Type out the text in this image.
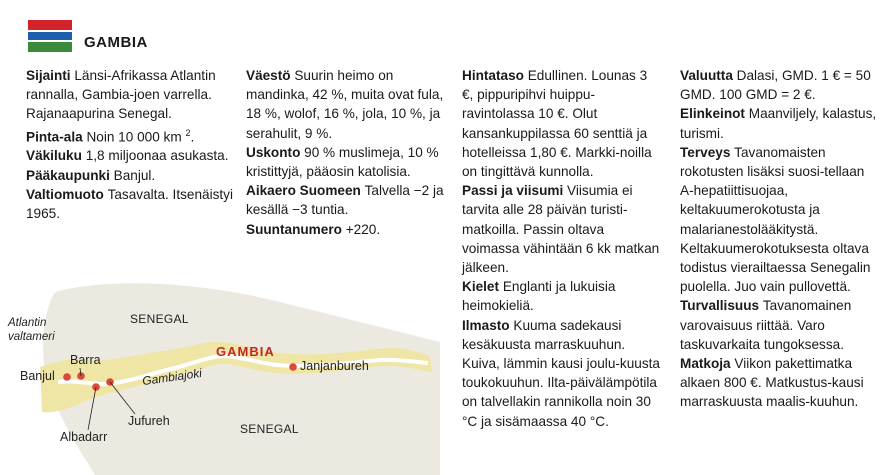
GAMBIA

Sijainti Länsi-Afrikassa Atlantin rannalla, Gambia-joen varrella. Rajanaapurina Senegal.

Pinta-ala Noin 10 000 km $^2$.

Väkiluku 1,8 miljoonaa asukasta.

Pääkaupunki Banjul.

Valtiomuoto Tasavalta. Itsenäistyi 1965.

Väestö Suurin heimo on mandinka, 42 %, muita ovat fula, 18 %, wolof, 16 %, jola, 10 %, ja serahulit, 9 %.

Uskonto 90 % muslimeja, 10 % kristittyjä, pääosin katolisia.

Aikaero Suomeen Talvella −2 ja kesällä −3 tuntia.

Suuntanumero +220.

Hintataso Edullinen. Lounas 3 €, pippuripihvi huippu-ravintolassa 10 €. Olut kansankuppilassa 60 senttiä ja hotelleissa 1,80 €. Markki-noilla on tingittävä kunnolla.

Passi ja viisumi Viisumia ei tarvita alle 28 päivän turisti-matkoilla. Passin oltava voimassa vähintään 6 kk matkan jälkeen.

Kielet Englanti ja lukuisia heimokieliä.

Ilmasto Kuuma sadekausi kesäkuusta marraskuuhun. Kuiva, lämmin kausi joulu-kuusta toukokuuhun. Ilta-päivälämpötila on talvellakin rannikolla noin 30 °C ja sisämaassa 40 °C.

Valuutta Dalasi, GMD. 1 € = 50 GMD. 100 GMD = 2 €.

Elinkeinot Maanviljely, kalastus, turismi.

Terveys Tavanomaisten rokotusten lisäksi suosi-tellaan A-hepatiittisuojaa, keltakuumerokotusta ja malarianestolääkitystä. Keltakuumerokotuksesta oltava todistus vierailtaessa Senegalin puolella. Juo vain pullovettä.

Turvallisuus Tavanomainen varovaisuus riittää. Varo taskuvarkaita tungoksessa.

Matkoja Viikon pakettimatka alkaen 800 €. Matkustus-kausi marraskuusta maalis-kuuhun.

Atlantin valtameri
SENEGAL
SENEGAL
GAMBIA
Gambiajoki
Banjul
Barra
Albadarr
Jufureh
Janjanbureh
